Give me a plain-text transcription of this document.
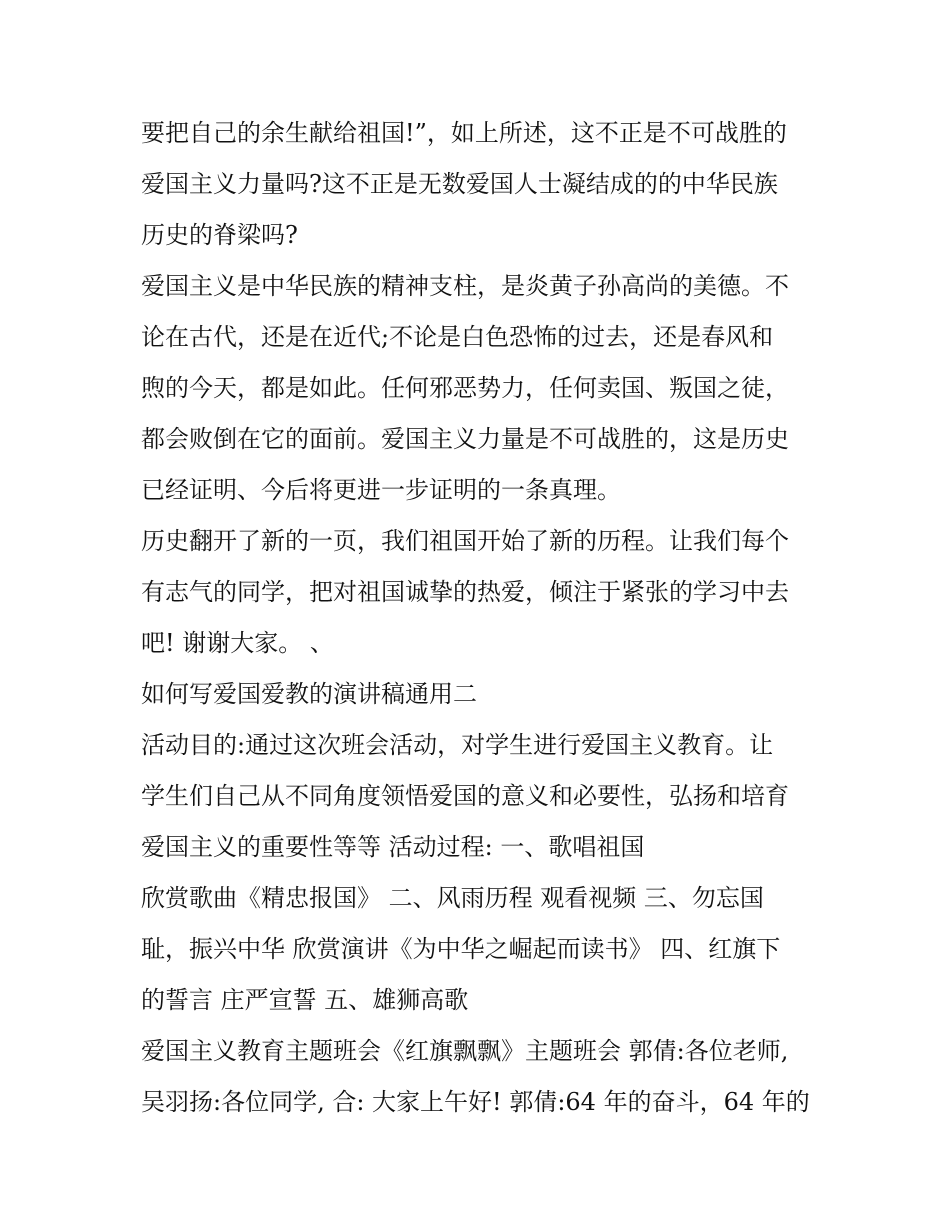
要把自己的余生献给祖国!”，如上所述，这不正是不可战胜的
爱国主义力量吗?这不正是无数爱国人士凝结成的的中华民族
历史的脊梁吗?
爱国主义是中华民族的精神支柱，是炎黄子孙高尚的美德。不
论在古代，还是在近代;不论是白色恐怖的过去，还是春风和
煦的今天，都是如此。任何邪恶势力，任何卖国、叛国之徒，
都会败倒在它的面前。爱国主义力量是不可战胜的，这是历史
已经证明、今后将更进一步证明的一条真理。
历史翻开了新的一页，我们祖国开始了新的历程。让我们每个
有志气的同学，把对祖国诚挚的热爱，倾注于紧张的学习中去
吧! 谢谢大家。 、
如何写爱国爱教的演讲稿通用二
活动目的:通过这次班会活动，对学生进行爱国主义教育。让
学生们自己从不同角度领悟爱国的意义和必要性，弘扬和培育
爱国主义的重要性等等 活动过程: 一、歌唱祖国
欣赏歌曲《精忠报国》 二、风雨历程 观看视频 三、勿忘国
耻，振兴中华 欣赏演讲《为中华之崛起而读书》 四、红旗下
的誓言 庄严宣誓 五、雄狮高歌
爱国主义教育主题班会《红旗飘飘》主题班会 郭倩:各位老师,
吴羽扬:各位同学, 合: 大家上午好! 郭倩:64 年的奋斗，64 年的
